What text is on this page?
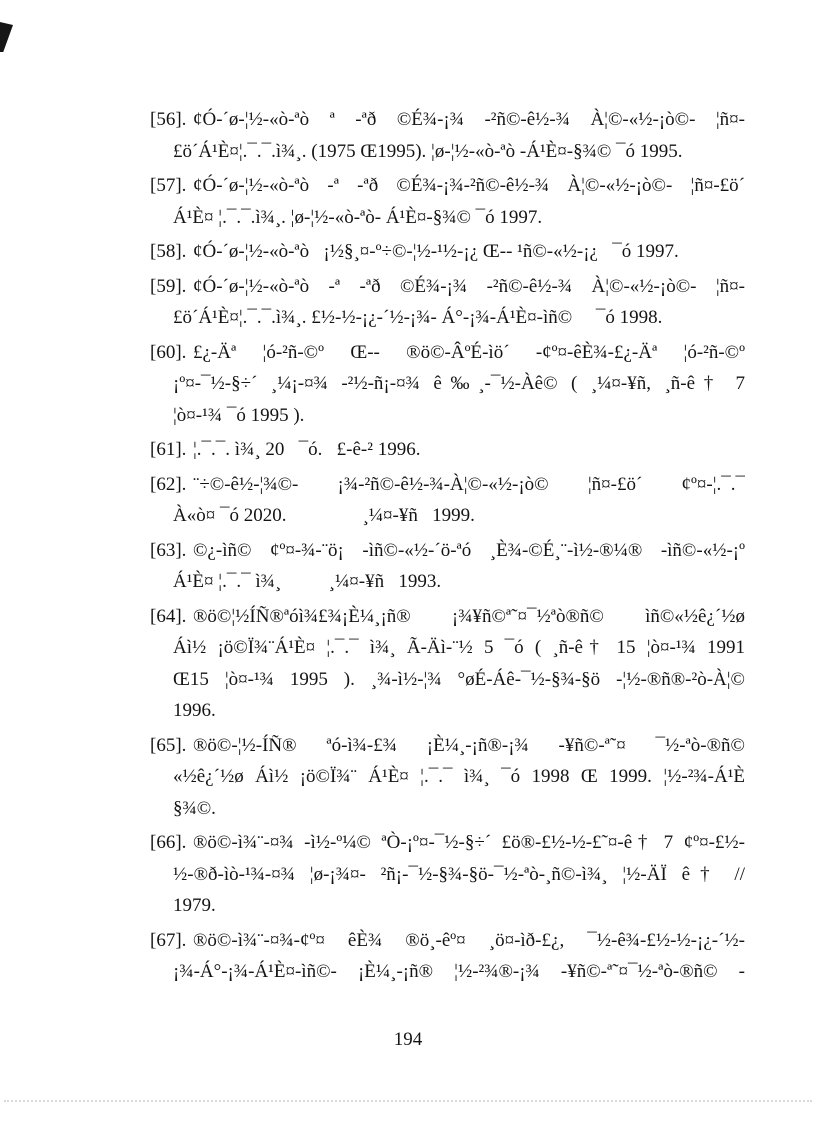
[56]. ¢Ó-´ø-¦½-«ò-ªò ª -ªð ©É¾-¡¾ -²ñ©-ê½-¾ À¦©-«½-¡ò©- ¦ñ¤-
£ö´Á¹È¤¦.¯.¯.ì¾¸. (1975 Œ1995). ¦ø-¦½-«ò-ªò -Á¹È¤-§¾© ¯ó 1995.
[57]. ¢Ó-´ø-¦½-«ò-ªò -ª -ªð ©É¾-¡¾-²ñ©-ê½-¾ À¦©-«½-¡ò©- ¦ñ¤-£ö´
Á¹È¤ ¦.¯.¯.ì¾¸. ¦ø-¦½-«ò-ªò- Á¹È¤-§¾© ¯ó 1997.
[58]. ¢Ó-´ø-¦½-«ò-ªò  ¡½§¸¤-º÷©-¦½-¹½-¡¿ Œ-- ¹ñ©-«½-¡¿  ¯ó 1997.
[59]. ¢Ó-´ø-¦½-«ò-ªò -ª -ªð ©É¾-¡¾ -²ñ©-ê½-¾ À¦©-«½-¡ò©- ¦ñ¤-
£ö´Á¹È¤¦.¯.¯.ì¾¸. £½-½-¡¿-´½-¡¾- Á°-¡¾-Á¹È¤-ìñ©  ¯ó 1998.
[60]. £¿-Äª ¦ó-²ñ-©º Œ-- ®ö©-ÂºÉ-ìö´ -¢º¤-êÈ¾-£¿-Äª ¦ó-²ñ-©º
¡º¤-¯½-§÷´ ¸¼¡-¤¾ -²½-ñ¡-¤¾ ê‰¸-¯½-Àê© ( ¸¼¤-¥ñ, ¸ñ-ê† 7
¦ò¤-¹¾ ¯ó 1995 ).
[61]. ¦.¯.¯. ì¾¸ 20  ¯ó.  £-ê-² 1996.
[62]. ¨÷©-ê½-¦¾©- ¡¾-²ñ©-ê½-¾-À¦©-«½-¡ò© ¦ñ¤-£ö´ ¢º¤-¦.¯.¯
À«ò¤ ¯ó 2020.    ¸¼¤-¥ñ  1999.
[63]. ©¿-ìñ© ¢º¤-¾-¨ö¡ -ìñ©-«½-´ö-ªó ¸È¾-©É¸¨-ì½-®¼® -ìñ©-«½-¡º
Á¹È¤ ¦.¯.¯ ì¾¸   ¸¼¤-¥ñ  1993.
[64]. ®ö©¦½ÍÑ®ªóì¾£¾¡È¼¸¡ñ® ¡¾¥ñ©ª˜¤¯½ªò®ñ© ìñ©«½ê¿´½ø
Áì½ ¡ö©Ï¾¨Á¹È¤ ¦.¯.¯ ì¾¸ Ã-Äì-¨½ 5 ¯ó ( ¸ñ-ê† 15 ¦ò¤-¹¾ 1991
Œ15 ¦ò¤-¹¾ 1995 ). ¸¾-ì½-¦¾ °øÉ-Áê-¯½-§¾-§ö -¦½-®ñ®-²ò-À¦©
1996.
[65]. ®ö©-¦½-ÍÑ® ªó-ì¾-£¾ ¡È¼¸-¡ñ®-¡¾ -¥ñ©-ª˜¤ ¯½-ªò-®ñ©
«½ê¿´½ø Áì½ ¡ö©Ï¾¨ Á¹È¤ ¦.¯.¯ ì¾¸ ¯ó 1998 Œ 1999. ¦½-²¾-Á¹È
§¾©.
[66]. ®ö©-ì¾¨-¤¾ -ì½-º¼© ªÒ-¡º¤-¯½-§÷´ £ö®-£½-½-£˜¤-ê† 7 ¢º¤-£½-
½-®ð-ìò-¹¾-¤¾ ¦ø-¡¾¤- ²ñ¡-¯½-§¾-§ö-¯½-ªò-¸ñ©-ì¾¸ ¦½-ÄÏ ê† //
1979.
[67]. ®ö©-ì¾¨-¤¾-¢º¤ êÈ¾ ®ö¸-êº¤ ¸ö¤-ìð-£¿, ¯½-ê¾-£½-½-¡¿-´½-
¡¾-Á°-¡¾-Á¹È¤-ìñ©- ¡È¼¸-¡ñ® ¦½-²¾®-¡¾ -¥ñ©-ª˜¤¯½-ªò-®ñ© -
194
